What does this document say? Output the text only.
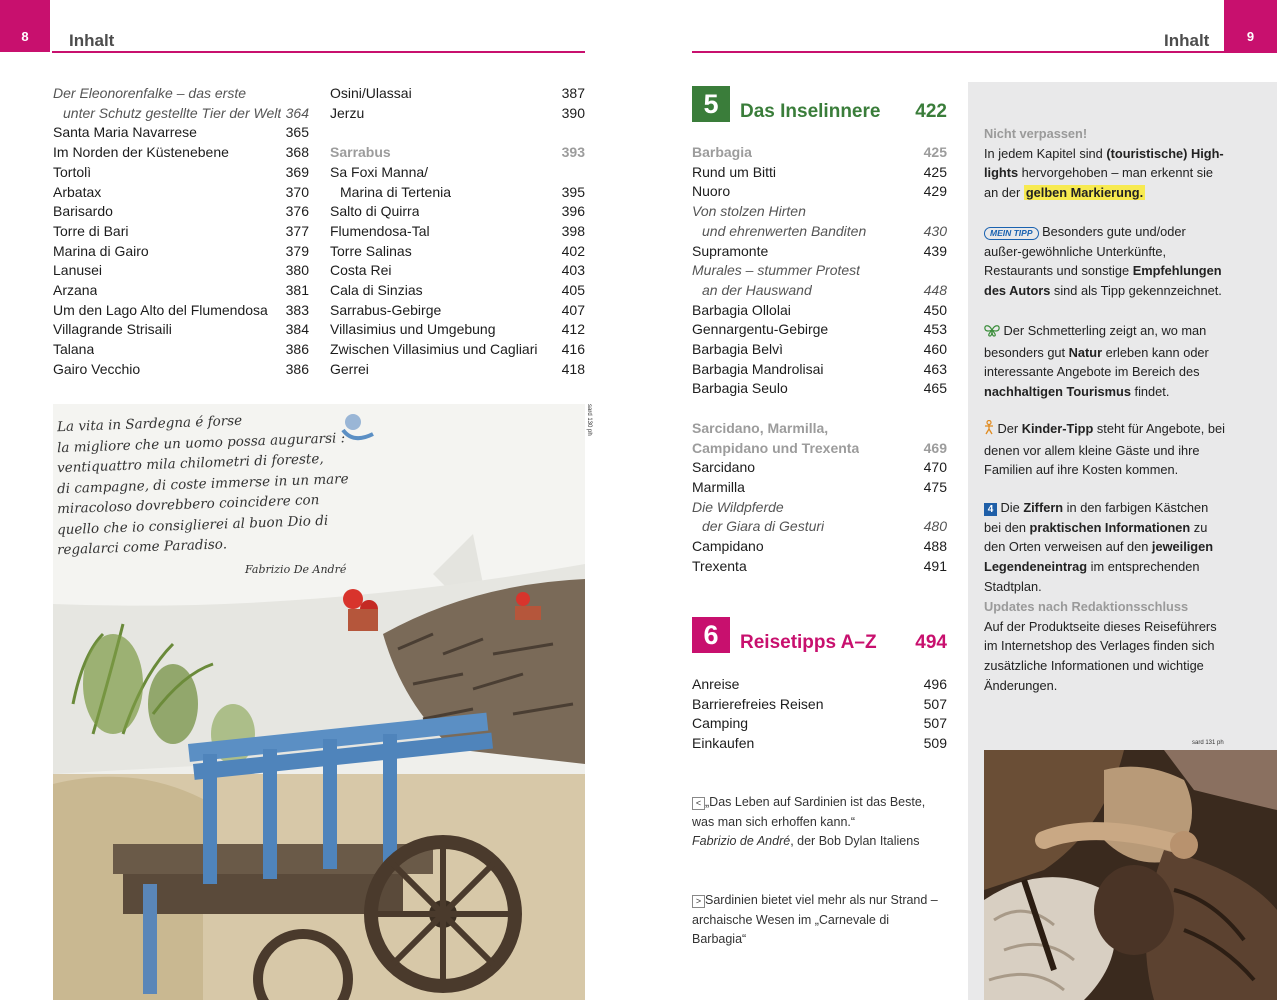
8 Inhalt
Der Eleonorenfalke – das erste
unter Schutz gestellte Tier der Welt 364
Santa Maria Navarrese	365
Im Norden der Küstenebene	368
Tortolì	369
Arbatax	370
Barisardo	376
Torre di Bari	377
Marina di Gairo	379
Lanusei	380
Arzana	381
Um den Lago Alto del Flumendosa 383
Villagrande Strisaili	384
Talana	386
Gairo Vecchio	386
Osini/Ulassai	387
Jerzu	390
Sarrabus	393
Sa Foxi Manna/
Marina di Tertenia	395
Salto di Quirra	396
Flumendosa-Tal	398
Torre Salinas	402
Costa Rei	403
Cala di Sinzias	405
Sarrabus-Gebirge	407
Villasimius und Umgebung	412
Zwischen Villasimius und Cagliari 416
Gerrei	418
sard 130 ph
La vita in Sardegna é forse
la migliore che un uomo possa augurarsi :
ventiquattro mila chilometri di foreste,
di campagne, di coste immerse in un mare
miracoloso dovrebbero coincidere con
quello che io consiglierei al buon Dio di
regalarci come Paradiso.
Fabrizio De André
9
Inhalt
5	Das Inselinnere	422
Barbagia	425
Rund um Bitti	425
Nuoro	429
Von stolzen Hirten
und ehrenwerten Banditen	430
Supramonte	439
Murales – stummer Protest
an der Hauswand	448
Barbagia Ollolai	450
Gennargentu-Gebirge	453
Barbagia Belvì	460
Barbagia Mandrolisai	463
Barbagia Seulo	465
Sarcidano, Marmilla,
Campidano und Trexenta	469
Sarcidano	470
Marmilla	475
Die Wildpferde
der Giara di Gesturi	480
Campidano	488
Trexenta	491
6	Reisetipps A–Z	494
Anreise	496
Barrierefreies Reisen	507
Camping	507
Einkaufen	509
< „Das Leben auf Sardinien ist das Beste,
was man sich erhoffen kann.“
Fabrizio de André, der Bob Dylan Italiens
> Sardinien bietet viel mehr als nur Strand –
archaische Wesen im „Carnevale di Barbagia“
Nicht verpassen!
In jedem Kapitel sind (touristische) High-lights hervorgehoben – man erkennt sie an der gelben Markierung.
MEIN TIPP Besonders gute und/oder außer-gewöhnliche Unterkünfte, Restaurants und sonstige Empfehlungen des Autors sind als Tipp gekennzeichnet.
Der Schmetterling zeigt an, wo man besonders gut Natur erleben kann oder interessante Angebote im Bereich des nachhaltigen Tourismus findet.
Der Kinder-Tipp steht für Angebote, bei denen vor allem kleine Gäste und ihre Familien auf ihre Kosten kommen.
4 Die Ziffern in den farbigen Kästchen bei den praktischen Informationen zu den Orten verweisen auf den jeweiligen Legendeneintrag im entsprechenden Stadtplan.
Updates nach Redaktionsschluss
Auf der Produktseite dieses Reiseführers im Internetshop des Verlages finden sich zusätzliche Informationen und wichtige Änderungen.
sard 131 ph
